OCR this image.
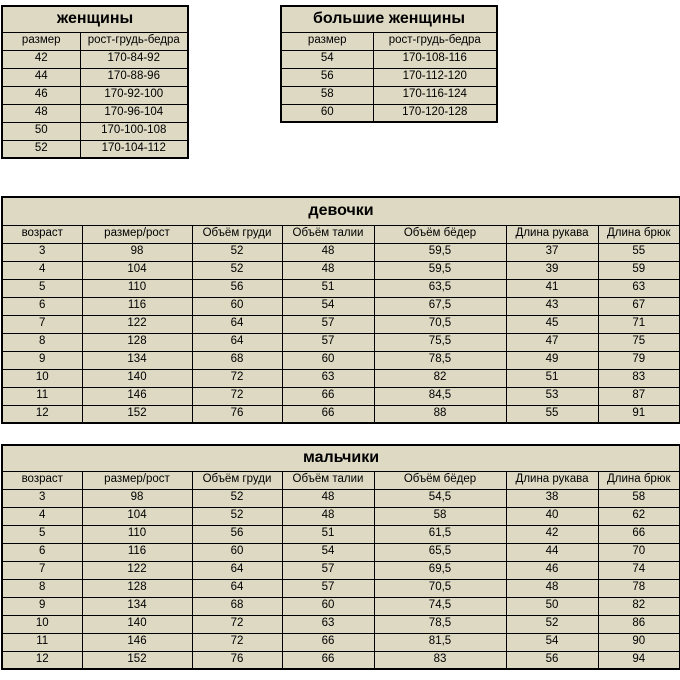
женщины	
размер	рост-грудь-бедра
42	170-84-92
44	170-88-96
46	170-92-100
48	170-96-104
50	170-100-108
52	170-104-112
большие женщины	
размер	рост-грудь-бедра
54	170-108-116
56	170-112-120
58	170-116-124
60	170-120-128
девочки						
возраст	размер/рост	Объём груди	Объём талии	Объём бёдер	Длина рукава	Длина брюк
3	98	52	48	59,5	37	55
4	104	52	48	59,5	39	59
5	110	56	51	63,5	41	63
6	116	60	54	67,5	43	67
7	122	64	57	70,5	45	71
8	128	64	57	75,5	47	75
9	134	68	60	78,5	49	79
10	140	72	63	82	51	83
11	146	72	66	84,5	53	87
12	152	76	66	88	55	91
мальчики						
возраст	размер/рост	Объём груди	Объём талии	Объём бёдер	Длина рукава	Длина брюк
3	98	52	48	54,5	38	58
4	104	52	48	58	40	62
5	110	56	51	61,5	42	66
6	116	60	54	65,5	44	70
7	122	64	57	69,5	46	74
8	128	64	57	70,5	48	78
9	134	68	60	74,5	50	82
10	140	72	63	78,5	52	86
11	146	72	66	81,5	54	90
12	152	76	66	83	56	94
